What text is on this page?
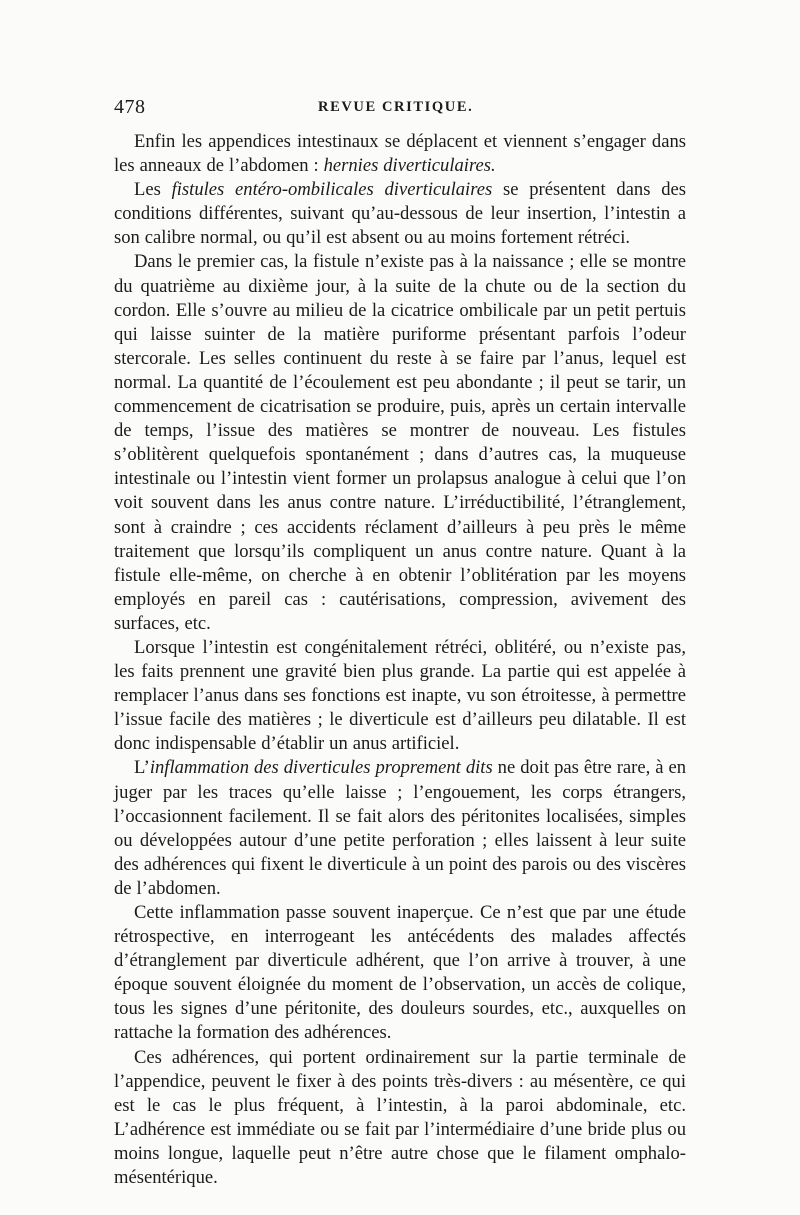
478	REVUE CRITIQUE.

Enfin les appendices intestinaux se déplacent et viennent s’engager dans les anneaux de l’abdomen : hernies diverticulaires.

Les fistules entéro-ombilicales diverticulaires se présentent dans des conditions différentes, suivant qu’au-dessous de leur insertion, l’intestin a son calibre normal, ou qu’il est absent ou au moins fortement rétréci.

Dans le premier cas, la fistule n’existe pas à la naissance ; elle se montre du quatrième au dixième jour, à la suite de la chute ou de la section du cordon. Elle s’ouvre au milieu de la cicatrice ombilicale par un petit pertuis qui laisse suinter de la matière puriforme présentant parfois l’odeur stercorale. Les selles continuent du reste à se faire par l’anus, lequel est normal. La quantité de l’écoulement est peu abondante ; il peut se tarir, un commencement de cicatrisation se produire, puis, après un certain intervalle de temps, l’issue des matières se montrer de nouveau. Les fistules s’oblitèrent quelquefois spontanément ; dans d’autres cas, la muqueuse intestinale ou l’intestin vient former un prolapsus analogue à celui que l’on voit souvent dans les anus contre nature. L’irréductibilité, l’étranglement, sont à craindre ; ces accidents réclament d’ailleurs à peu près le même traitement que lorsqu’ils compliquent un anus contre nature. Quant à la fistule elle-même, on cherche à en obtenir l’oblitération par les moyens employés en pareil cas : cautérisations, compression, avivement des surfaces, etc.

Lorsque l’intestin est congénitalement rétréci, oblitéré, ou n’existe pas, les faits prennent une gravité bien plus grande. La partie qui est appelée à remplacer l’anus dans ses fonctions est inapte, vu son étroitesse, à permettre l’issue facile des matières ; le diverticule est d’ailleurs peu dilatable. Il est donc indispensable d’établir un anus artificiel.

L’inflammation des diverticules proprement dits ne doit pas être rare, à en juger par les traces qu’elle laisse ; l’engouement, les corps étrangers, l’occasionnent facilement. Il se fait alors des péritonites localisées, simples ou développées autour d’une petite perforation ; elles laissent à leur suite des adhérences qui fixent le diverticule à un point des parois ou des viscères de l’abdomen.

Cette inflammation passe souvent inaperçue. Ce n’est que par une étude rétrospective, en interrogeant les antécédents des malades affectés d’étranglement par diverticule adhérent, que l’on arrive à trouver, à une époque souvent éloignée du moment de l’observation, un accès de colique, tous les signes d’une péritonite, des douleurs sourdes, etc., auxquelles on rattache la formation des adhérences.

Ces adhérences, qui portent ordinairement sur la partie terminale de l’appendice, peuvent le fixer à des points très-divers : au mésentère, ce qui est le cas le plus fréquent, à l’intestin, à la paroi abdominale, etc. L’adhérence est immédiate ou se fait par l’intermédiaire d’une bride plus ou moins longue, laquelle peut n’être autre chose que le filament omphalo-mésentérique.
